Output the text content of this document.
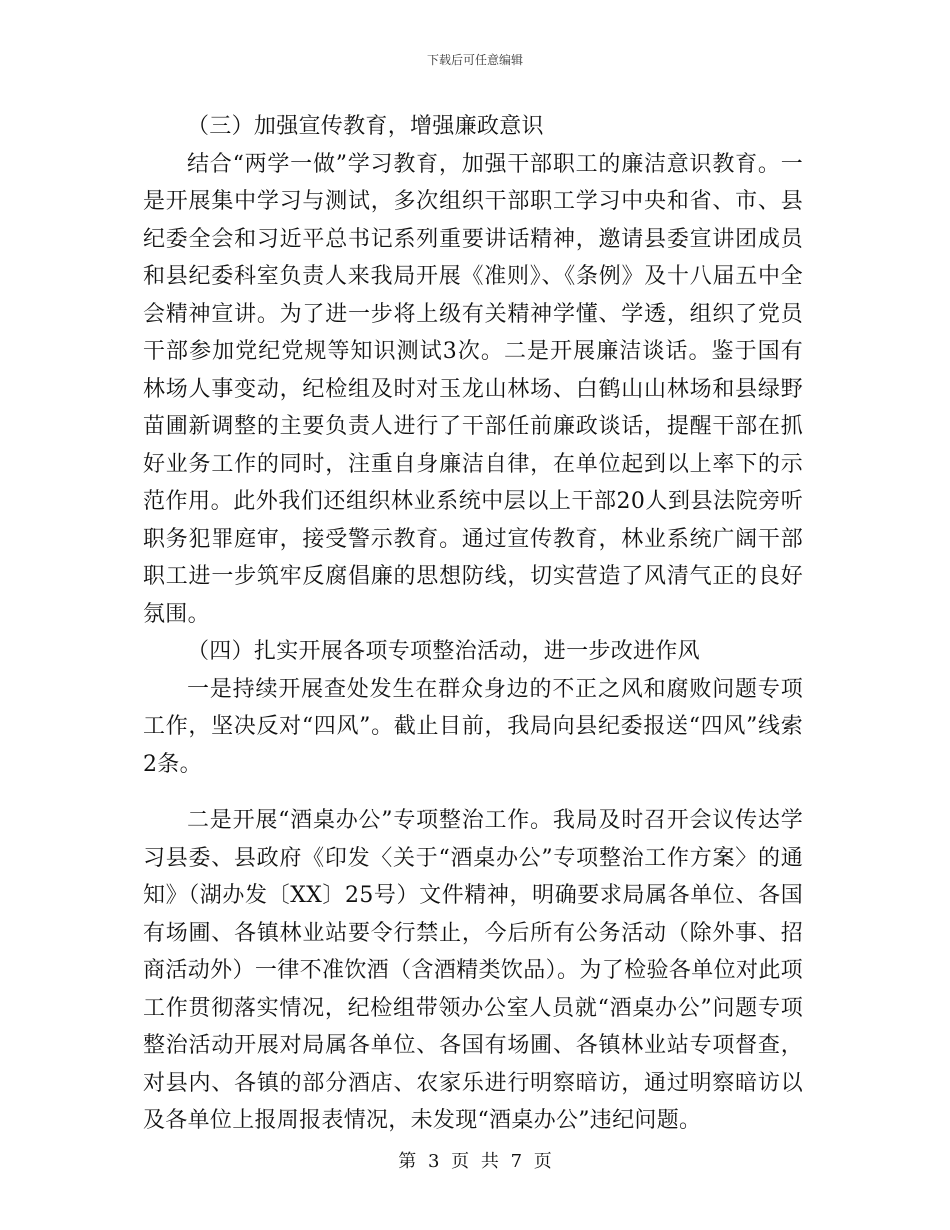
下载后可任意编辑

（三）加强宣传教育，增强廉政意识

结合“两学一做”学习教育，加强干部职工的廉洁意识教育。一是开展集中学习与测试，多次组织干部职工学习中央和省、市、县纪委全会和习近平总书记系列重要讲话精神，邀请县委宣讲团成员和县纪委科室负责人来我局开展《准则》、《条例》及十八届五中全会精神宣讲。为了进一步将上级有关精神学懂、学透，组织了党员干部参加党纪党规等知识测试3次。二是开展廉洁谈话。鉴于国有林场人事变动，纪检组及时对玉龙山林场、白鹤山山林场和县绿野苗圃新调整的主要负责人进行了干部任前廉政谈话，提醒干部在抓好业务工作的同时，注重自身廉洁自律，在单位起到以上率下的示范作用。此外我们还组织林业系统中层以上干部20人到县法院旁听职务犯罪庭审，接受警示教育。通过宣传教育，林业系统广阔干部职工进一步筑牢反腐倡廉的思想防线，切实营造了风清气正的良好氛围。

（四）扎实开展各项专项整治活动，进一步改进作风

一是持续开展查处发生在群众身边的不正之风和腐败问题专项工作，坚决反对“四风”。截止目前，我局向县纪委报送“四风”线索2条。

二是开展“酒桌办公”专项整治工作。我局及时召开会议传达学习县委、县政府《印发〈关于“酒桌办公”专项整治工作方案〉的通知》（湖办发〔XX〕25号）文件精神，明确要求局属各单位、各国有场圃、各镇林业站要令行禁止，今后所有公务活动（除外事、招商活动外）一律不准饮酒（含酒精类饮品）。为了检验各单位对此项工作贯彻落实情况，纪检组带领办公室人员就“酒桌办公”问题专项整治活动开展对局属各单位、各国有场圃、各镇林业站专项督查，对县内、各镇的部分酒店、农家乐进行明察暗访，通过明察暗访以及各单位上报周报表情况，未发现“酒桌办公”违纪问题。

第 3 页 共 7 页
